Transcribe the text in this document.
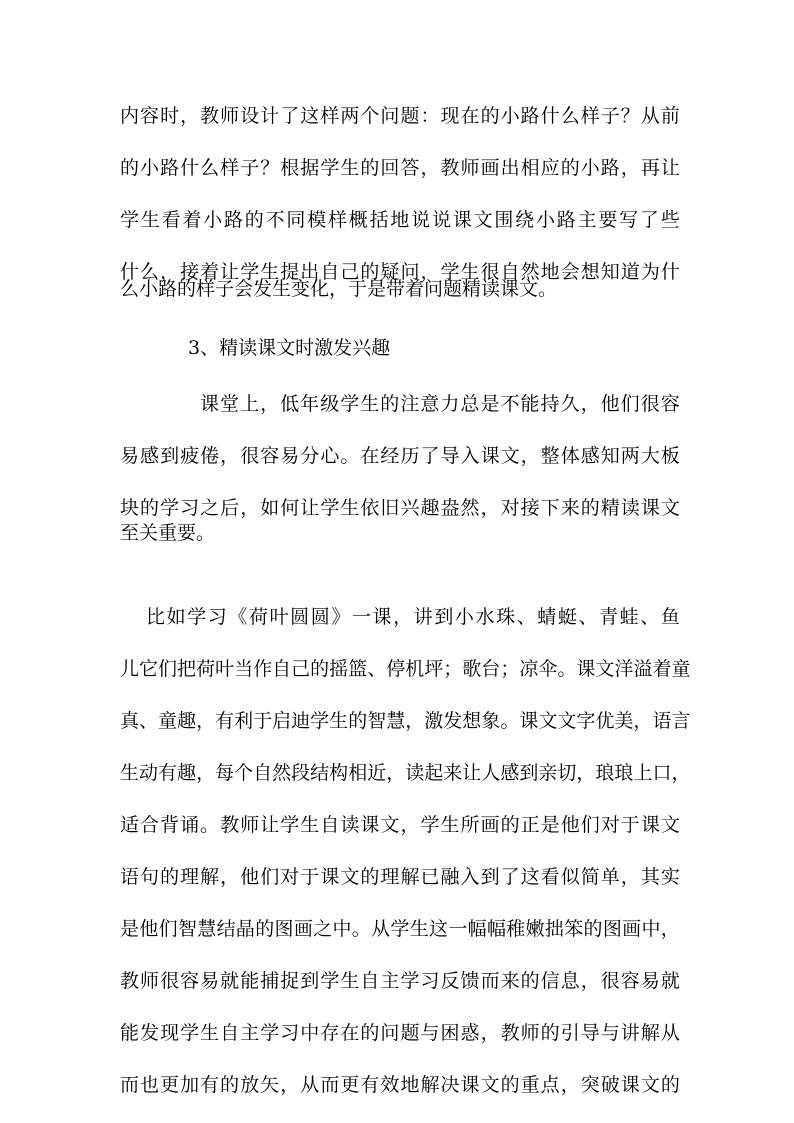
内 容 时 ， 教 师 设 计 了 这 样 两 个 问 题 ： 现 在 的 小 路 什 么 样 子 ？ 从 前
的 小 路 什 么 样 子 ？ 根 据 学 生 的 回 答 ， 教 师 画 出 相 应 的 小 路 ， 再 让
学 生 看 着 小 路 的 不 同 模 样 概 括 地 说 说 课 文 围 绕 小 路 主 要 写 了 些
什 么 ， 接 着 让 学 生 提 出 自 己 的 疑 问 ， 学 生 很 自 然 地 会 想 知 道 为 什
么小路的样子会发生变化，于是带着问题精读课文。
3、精读课文时激发兴趣
课 堂 上 ， 低 年 级 学 生 的 注 意 力 总 是 不 能 持 久 ， 他 们 很 容
易 感 到 疲 倦 ， 很 容 易 分 心 。 在 经 历 了 导 入 课 文 ， 整 体 感 知 两 大 板
块 的 学 习 之 后 ， 如 何 让 学 生 依 旧 兴 趣 盎 然 ， 对 接 下 来 的 精 读 课 文
至关重要。
比 如 学 习 《 荷 叶 圆 圆 》 一 课 ， 讲 到 小 水 珠 、 蜻 蜓 、 青 蛙 、 鱼
儿 它 们 把 荷 叶 当 作 自 己 的 摇 篮 、 停 机 坪 ； 歌 台 ； 凉 伞 。 课 文 洋 溢 着 童
真 、 童 趣 ， 有 利 于 启 迪 学 生 的 智 慧 ， 激 发 想 象 。 课 文 文 字 优 美 ， 语 言
生 动 有 趣 ， 每 个 自 然 段 结 构 相 近 ， 读 起 来 让 人 感 到 亲 切 ， 琅 琅 上 口 ，
适 合 背 诵 。 教 师 让 学 生 自 读 课 文 ， 学 生 所 画 的 正 是 他 们 对 于 课 文
语 句 的 理 解 ， 他 们 对 于 课 文 的 理 解 已 融 入 到 了 这 看 似 简 单 ， 其 实
是 他 们 智 慧 结 晶 的 图 画 之 中 。 从 学 生 这 一 幅 幅 稚 嫩 拙 笨 的 图 画 中 ，
教 师 很 容 易 就 能 捕 捉 到 学 生 自 主 学 习 反 馈 而 来 的 信 息 ， 很 容 易 就
能 发 现 学 生 自 主 学 习 中 存 在 的 问 题 与 困 惑 ， 教 师 的 引 导 与 讲 解 从
而 也 更 加 有 的 放 矢 ， 从 而 更 有 效 地 解 决 课 文 的 重 点 ， 突 破 课 文 的
